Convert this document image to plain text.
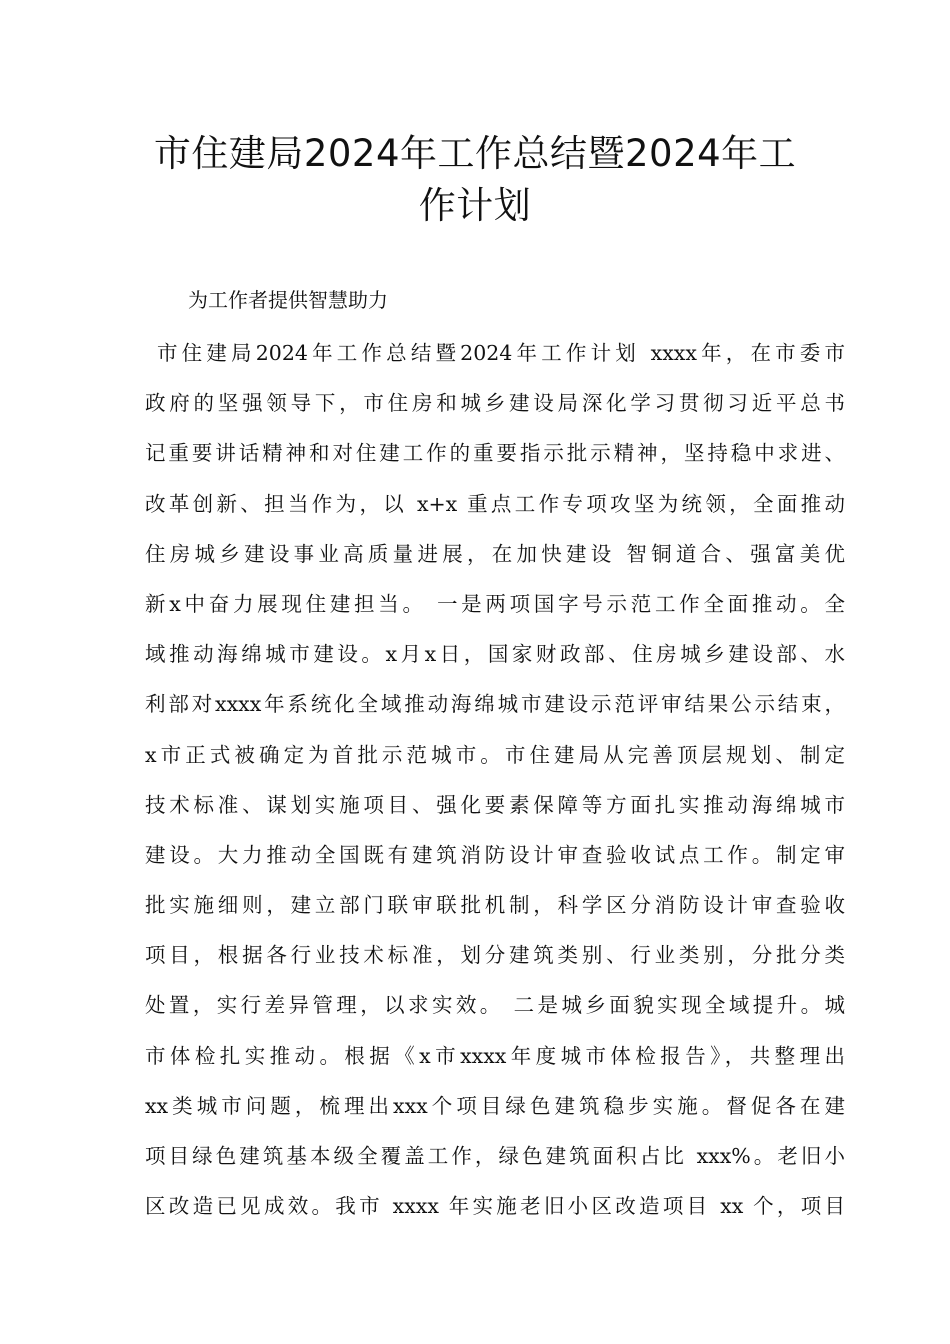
市住建局2024年工作总结暨2024年工
作计划

为工作者提供智慧助力

市住建局2024年工作总结暨2024年工作计划 xxxx年，在市委市
政府的坚强领导下，市住房和城乡建设局深化学习贯彻习近平总书
记重要讲话精神和对住建工作的重要指示批示精神，坚持稳中求进、
改革创新、担当作为，以 x+x 重点工作专项攻坚为统领，全面推动
住房城乡建设事业高质量进展，在加快建设 智铜道合、强富美优
新x中奋力展现住建担当。 一是两项国字号示范工作全面推动。全
域推动海绵城市建设。x月x日，国家财政部、住房城乡建设部、水
利部对xxxx年系统化全域推动海绵城市建设示范评审结果公示结束，
x市正式被确定为首批示范城市。市住建局从完善顶层规划、制定
技术标准、谋划实施项目、强化要素保障等方面扎实推动海绵城市
建设。大力推动全国既有建筑消防设计审查验收试点工作。制定审
批实施细则，建立部门联审联批机制，科学区分消防设计审查验收
项目，根据各行业技术标准，划分建筑类别、行业类别，分批分类
处置，实行差异管理，以求实效。 二是城乡面貌实现全域提升。城
市体检扎实推动。根据《x市xxxx年度城市体检报告》，共整理出
xx类城市问题，梳理出xxx个项目绿色建筑稳步实施。督促各在建
项目绿色建筑基本级全覆盖工作，绿色建筑面积占比 xxx%。老旧小
区改造已见成效。我市 xxxx 年实施老旧小区改造项目 xx 个，项目
